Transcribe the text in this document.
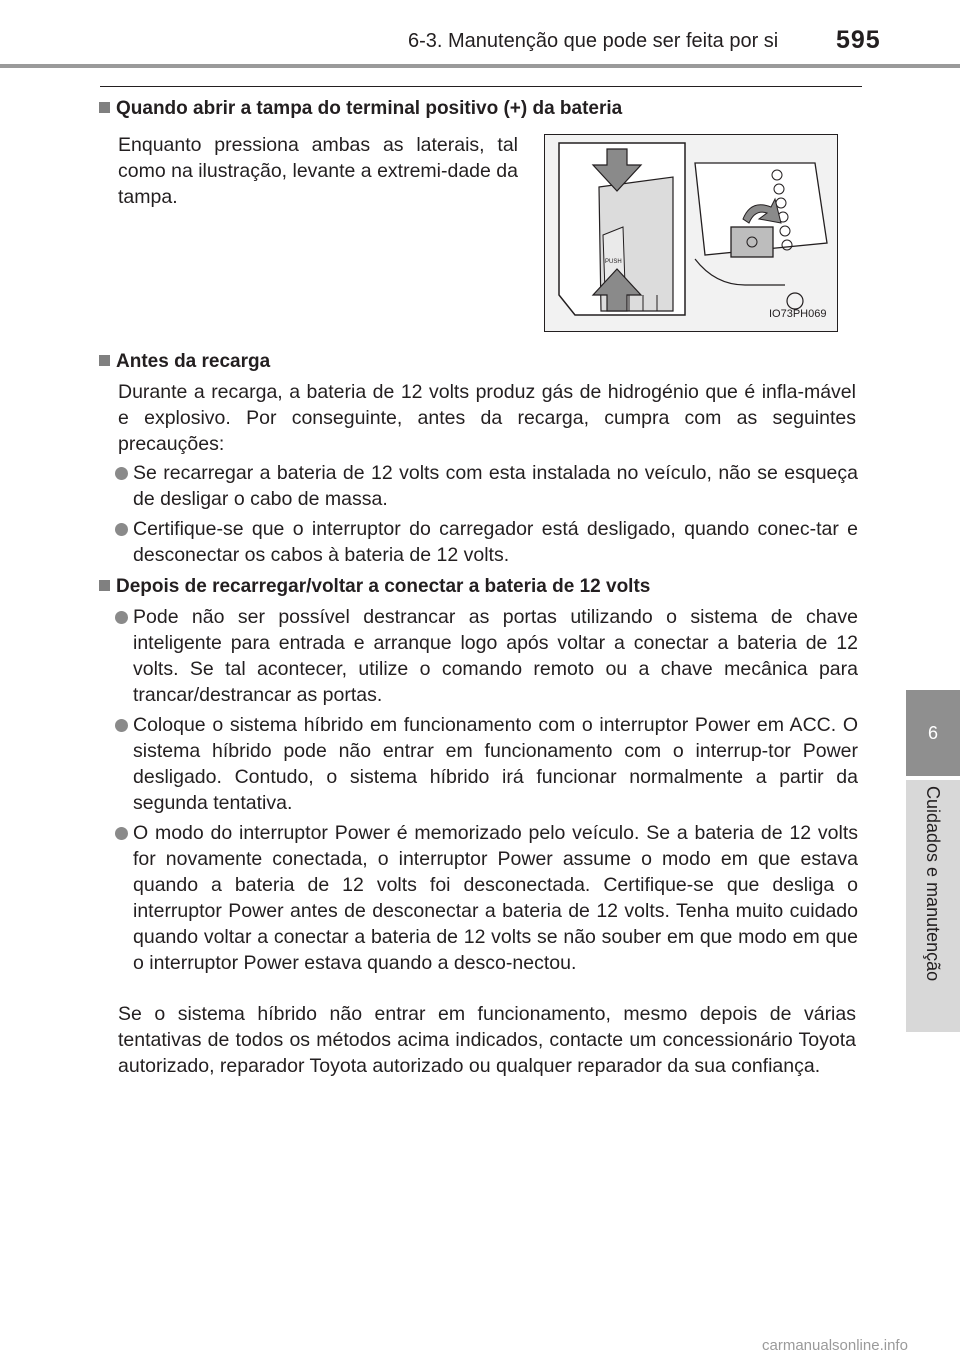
6-3. Manutenção que pode ser feita por si 595
6
Cuidados e manutenção
Quando abrir a tampa do terminal positivo (+) da bateria
Enquanto pressiona ambas as laterais, tal como na ilustração, levante a extremi-dade da tampa.
PUSH
IO73PH069
Antes da recarga
Durante a recarga, a bateria de 12 volts produz gás de hidrogénio que é infla-mável e explosivo. Por conseguinte, antes da recarga, cumpra com as seguintes precauções:
Se recarregar a bateria de 12 volts com esta instalada no veículo, não se esqueça de desligar o cabo de massa.
Certifique-se que o interruptor do carregador está desligado, quando conec-tar e desconectar os cabos à bateria de 12 volts.
Depois de recarregar/voltar a conectar a bateria de 12 volts
Pode não ser possível destrancar as portas utilizando o sistema de chave inteligente para entrada e arranque logo após voltar a conectar a bateria de 12 volts. Se tal acontecer, utilize o comando remoto ou a chave mecânica para trancar/destrancar as portas.
Coloque o sistema híbrido em funcionamento com o interruptor Power em ACC. O sistema híbrido pode não entrar em funcionamento com o interrup-tor Power desligado. Contudo, o sistema híbrido irá funcionar normalmente a partir da segunda tentativa.
O modo do interruptor Power é memorizado pelo veículo. Se a bateria de 12 volts for novamente conectada, o interruptor Power assume o modo em que estava quando a bateria de 12 volts foi desconectada. Certifique-se que desliga o interruptor Power antes de desconectar a bateria de 12 volts. Tenha muito cuidado quando voltar a conectar a bateria de 12 volts se não souber em que modo em que o interruptor Power estava quando a desco-nectou.
Se o sistema híbrido não entrar em funcionamento, mesmo depois de várias tentativas de todos os métodos acima indicados, contacte um concessionário Toyota autorizado, reparador Toyota autorizado ou qualquer reparador da sua confiança.
carmanualsonline.info
